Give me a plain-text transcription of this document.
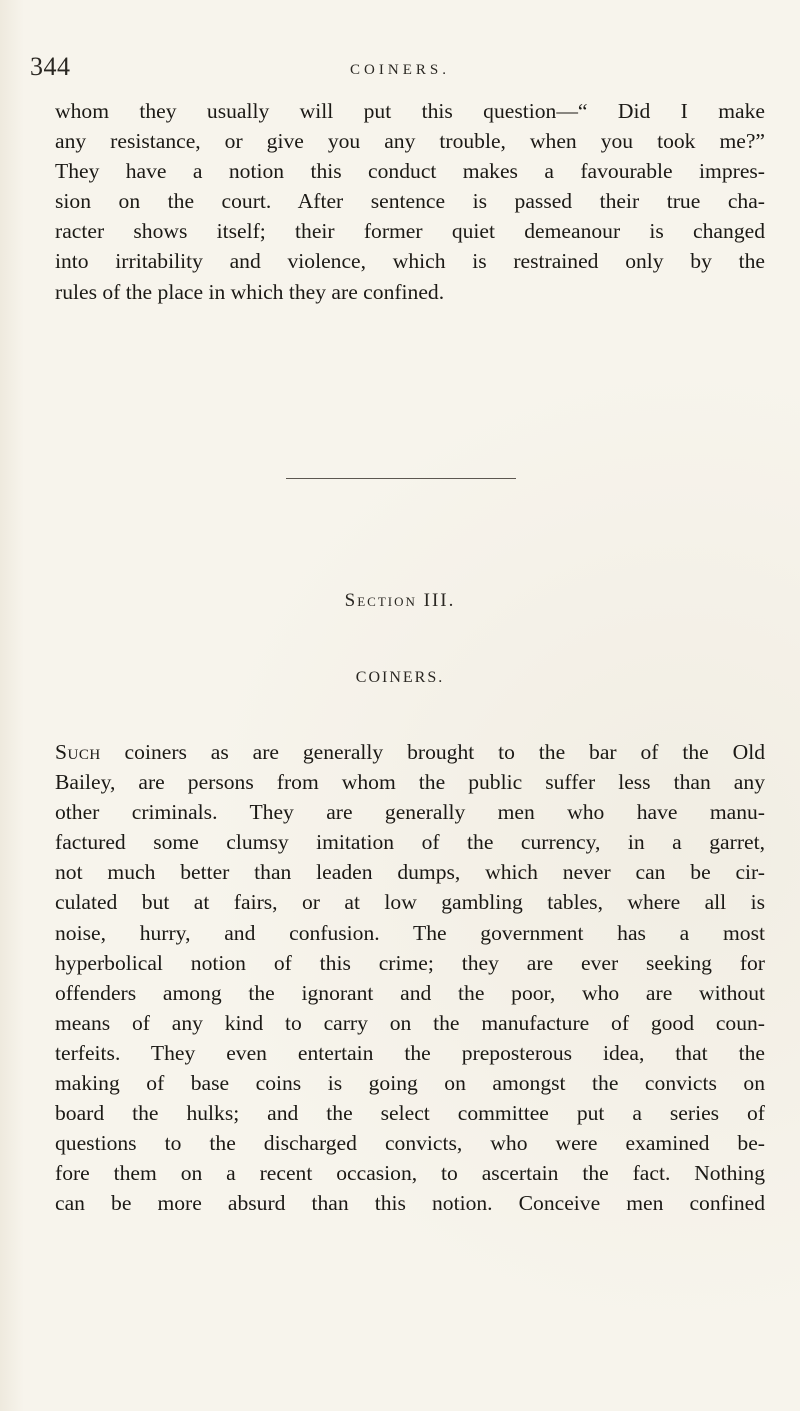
344	COINERS.
whom they usually will put this question—“ Did I make
any resistance, or give you any trouble, when you took me?”
They have a notion this conduct makes a favourable impres-
sion on the court. After sentence is passed their true cha-
racter shows itself; their former quiet demeanour is changed
into irritability and violence, which is restrained only by the
rules of the place in which they are confined.
Section III.
COINERS.
Such coiners as are generally brought to the bar of the Old
Bailey, are persons from whom the public suffer less than any
other criminals. They are generally men who have manu-
factured some clumsy imitation of the currency, in a garret,
not much better than leaden dumps, which never can be cir-
culated but at fairs, or at low gambling tables, where all is
noise, hurry, and confusion. The government has a most
hyperbolical notion of this crime; they are ever seeking for
offenders among the ignorant and the poor, who are without
means of any kind to carry on the manufacture of good coun-
terfeits. They even entertain the preposterous idea, that the
making of base coins is going on amongst the convicts on
board the hulks; and the select committee put a series of
questions to the discharged convicts, who were examined be-
fore them on a recent occasion, to ascertain the fact. Nothing
can be more absurd than this notion. Conceive men confined
